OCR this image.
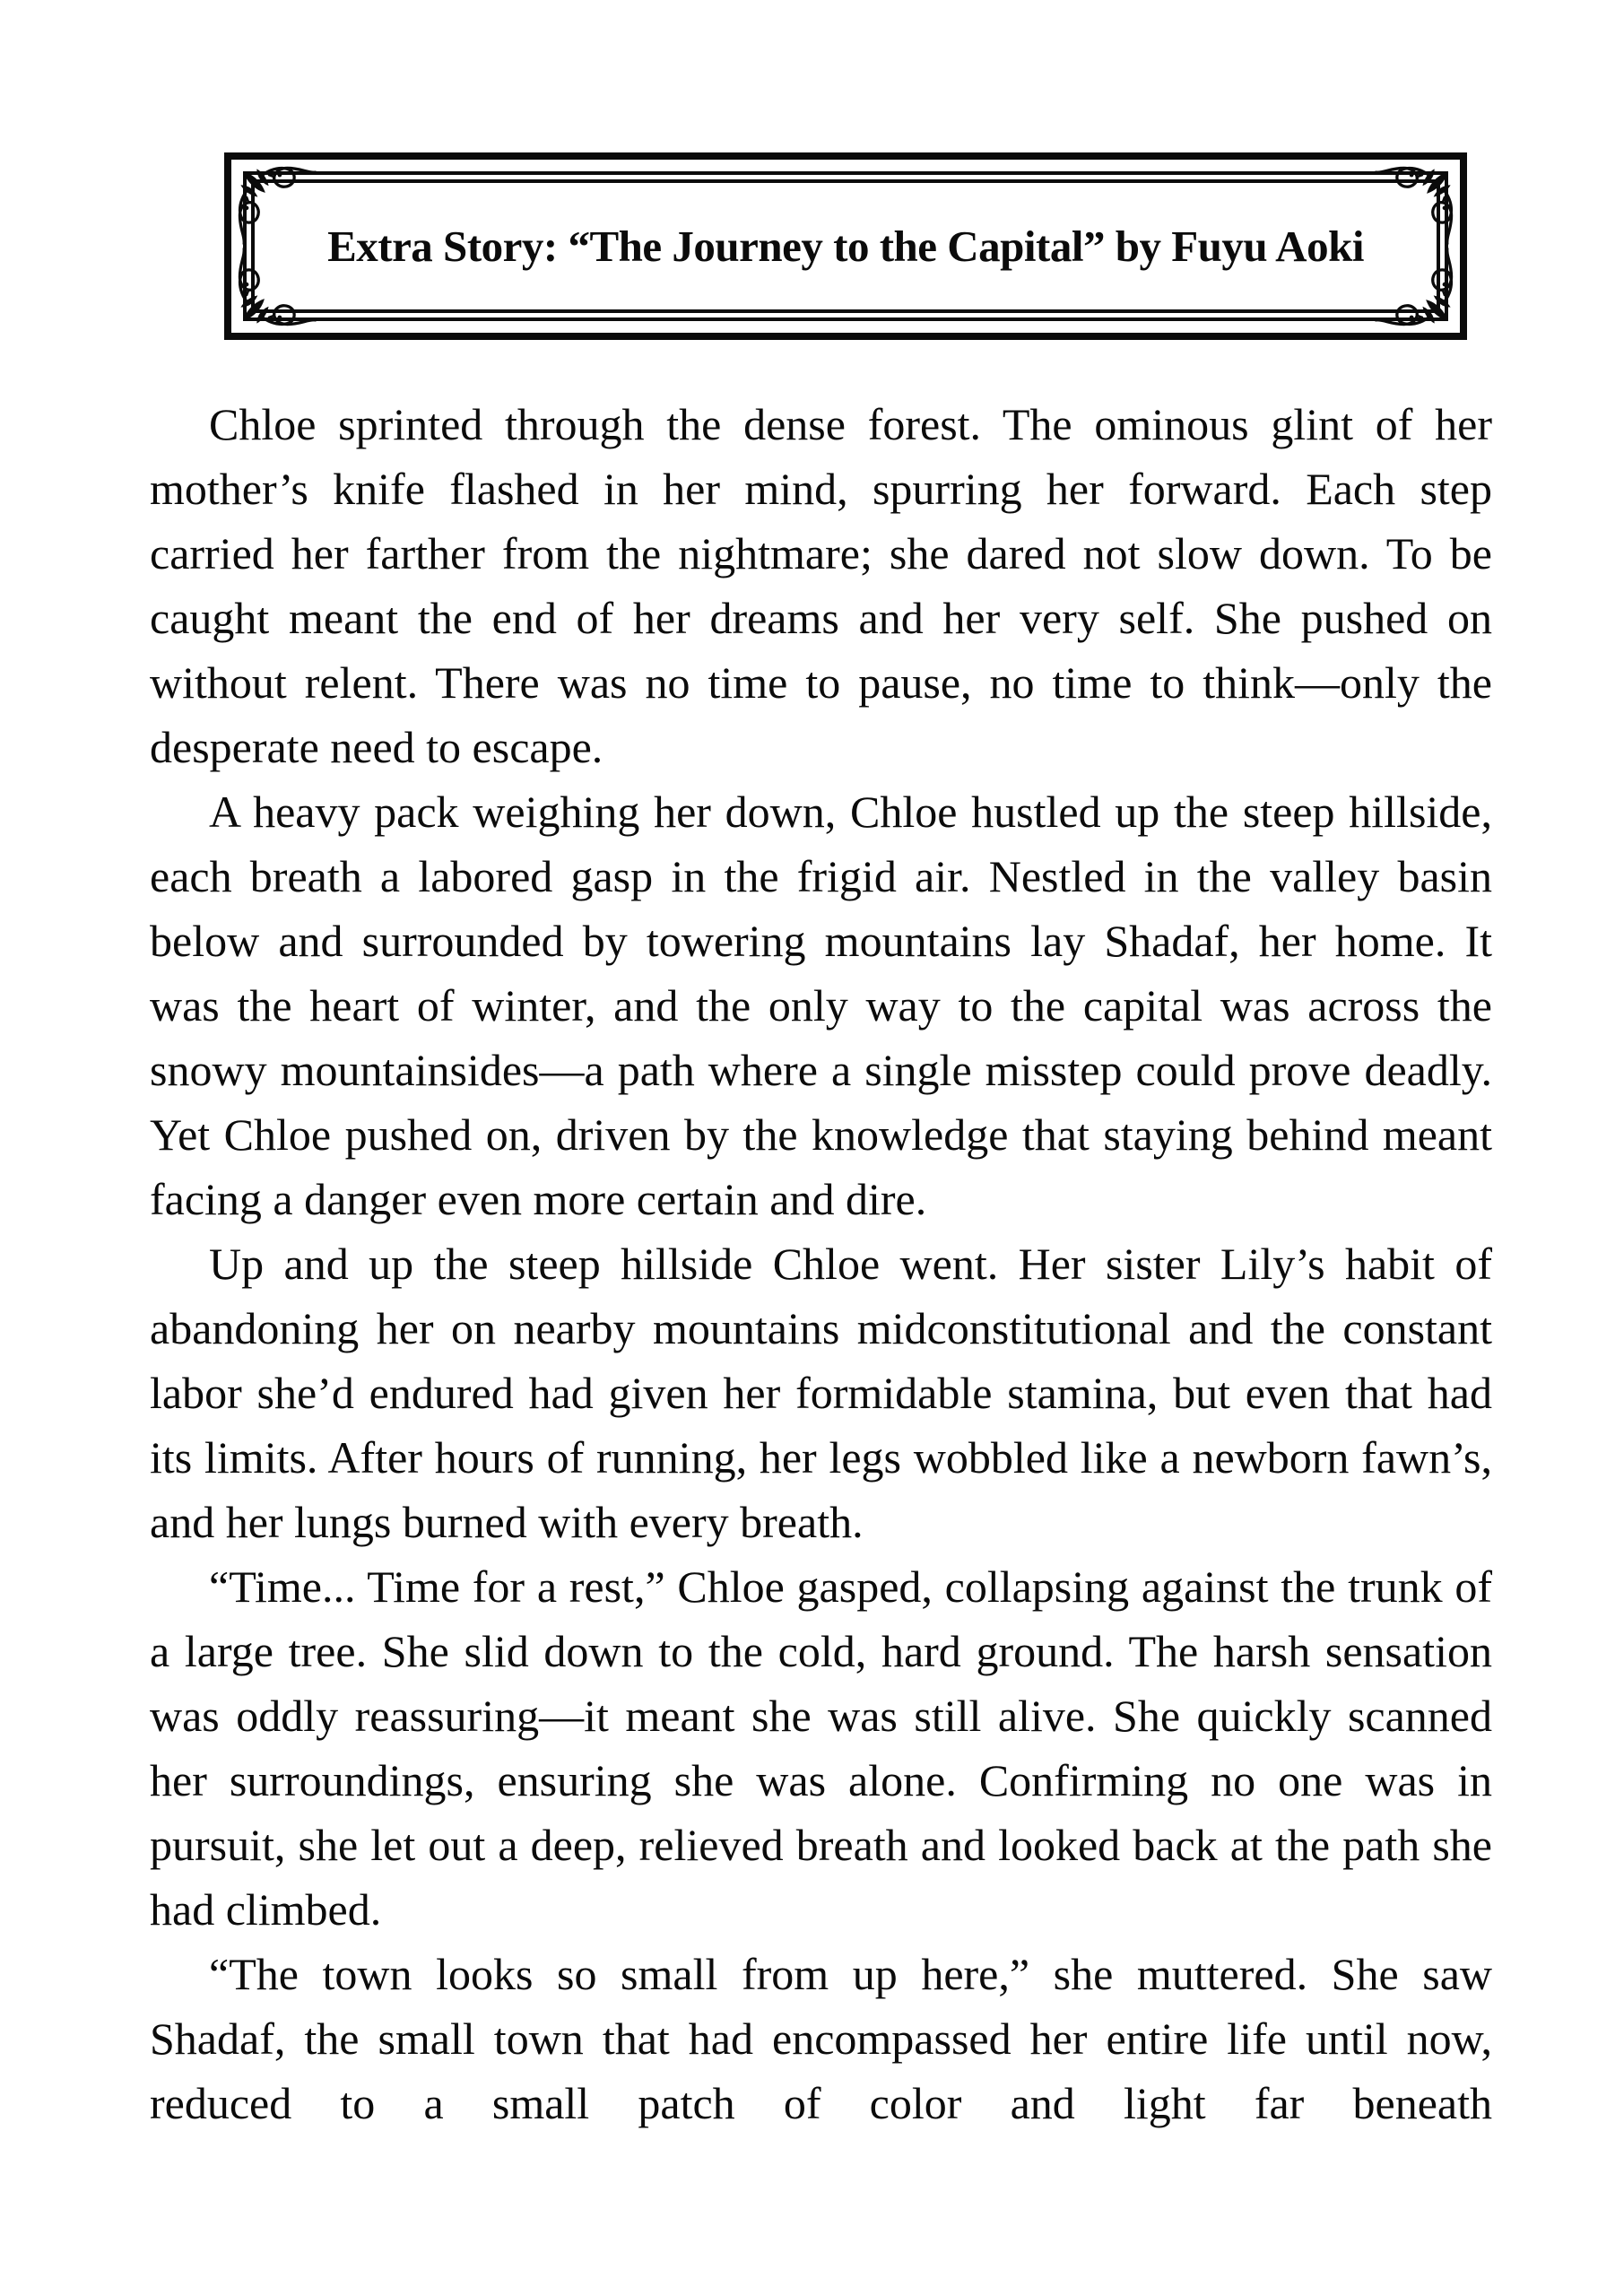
Extra Story: “The Journey to the Capital” by Fuyu Aoki

Chloe sprinted through the dense forest. The ominous glint of her mother’s knife flashed in her mind, spurring her forward. Each step carried her farther from the nightmare; she dared not slow down. To be caught meant the end of her dreams and her very self. She pushed on without relent. There was no time to pause, no time to think—only the desperate need to escape.

A heavy pack weighing her down, Chloe hustled up the steep hillside, each breath a labored gasp in the frigid air. Nestled in the valley basin below and surrounded by towering mountains lay Shadaf, her home. It was the heart of winter, and the only way to the capital was across the snowy mountainsides—a path where a single misstep could prove deadly. Yet Chloe pushed on, driven by the knowledge that staying behind meant facing a danger even more certain and dire.

Up and up the steep hillside Chloe went. Her sister Lily’s habit of abandoning her on nearby mountains midconstitutional and the constant labor she’d endured had given her formidable stamina, but even that had its limits. After hours of running, her legs wobbled like a newborn fawn’s, and her lungs burned with every breath.

“Time... Time for a rest,” Chloe gasped, collapsing against the trunk of a large tree. She slid down to the cold, hard ground. The harsh sensation was oddly reassuring—it meant she was still alive. She quickly scanned her surroundings, ensuring she was alone. Confirming no one was in pursuit, she let out a deep, relieved breath and looked back at the path she had climbed.

“The town looks so small from up here,” she muttered. She saw Shadaf, the small town that had encompassed her entire life until now, reduced to a small patch of color and light far beneath
